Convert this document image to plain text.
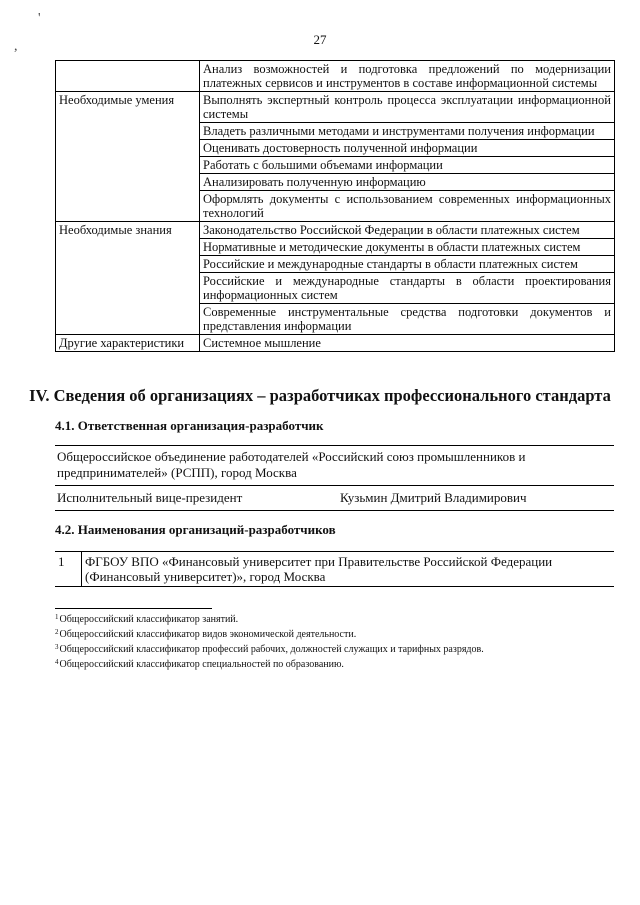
'
,	27
	Анализ возможностей и подготовка предложений по модернизации платежных сервисов и инструментов в составе информационной системы
Необходимые умения	Выполнять экспертный контроль процесса эксплуатации информационной системы
	Владеть различными методами и инструментами получения информации
	Оценивать достоверность полученной информации
	Работать с большими объемами информации
	Анализировать полученную информацию
	Оформлять документы с использованием современных информационных технологий
Необходимые знания	Законодательство Российской Федерации в области платежных систем
	Нормативные и методические документы в области платежных систем
	Российские и международные стандарты в области платежных систем
	Российские и международные стандарты в области проектирования информационных систем
	Современные инструментальные средства подготовки документов и представления информации
Другие характеристики	Системное мышление
IV. Сведения об организациях – разработчиках профессионального стандарта
4.1. Ответственная организация-разработчик
Общероссийское объединение работодателей «Российский союз промышленников и предпринимателей» (РСПП), город Москва
Исполнительный вице-президент	Кузьмин Дмитрий Владимирович
4.2. Наименования организаций-разработчиков
1	ФГБОУ ВПО «Финансовый университет при Правительстве Российской Федерации (Финансовый университет)», город Москва
$^1$Общероссийский классификатор занятий.
$^2$Общероссийский классификатор видов экономической деятельности.
$^3$Общероссийский классификатор профессий рабочих, должностей служащих и тарифных разрядов.
$^4$Общероссийский классификатор специальностей по образованию.
